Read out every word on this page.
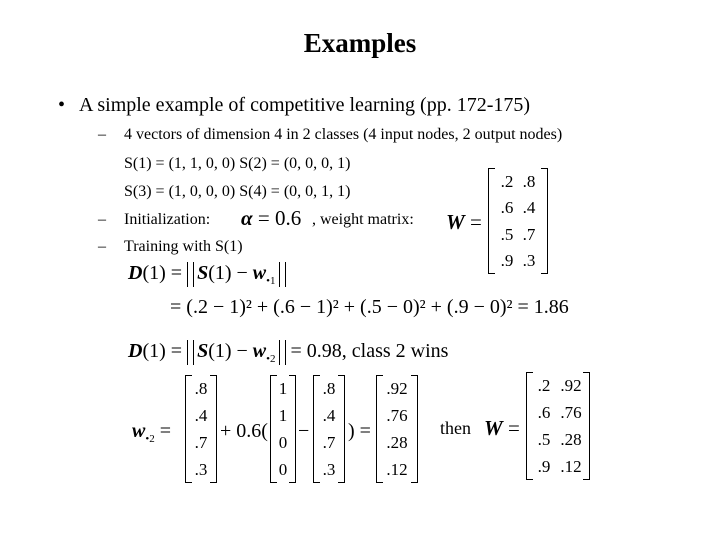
Examples
• A simple example of competitive learning (pp. 172-175)
– 4 vectors of dimension 4 in 2 classes (4 input nodes, 2 output nodes)
S(1) = (1, 1, 0, 0) S(2) = (0, 0, 0, 1)
S(3) = (1, 0, 0, 0) S(4) = (0, 0, 1, 1)
– Initialization: α = 0.6 , weight matrix: W =
.2
.6
.5
.9
.8
.4
.7
.3
– Training with S(1)
$D(1) = S(1) - w_{•1}$
= (.2 − 1)² + (.6 − 1)² + (.5 − 0)² + (.9 − 0)² = 1.86
$D(1) = S(1) - w_{•2} = 0.98$, class 2 wins
$w_{•2}$ =
.8
.4
.7
.3
+ 0.6(
1
1
0
0
−
.8
.4
.7
.3
) =
.92
.76
.28
.12
then W =
.2
.6
.5
.9
.92
.76
.28
.12
